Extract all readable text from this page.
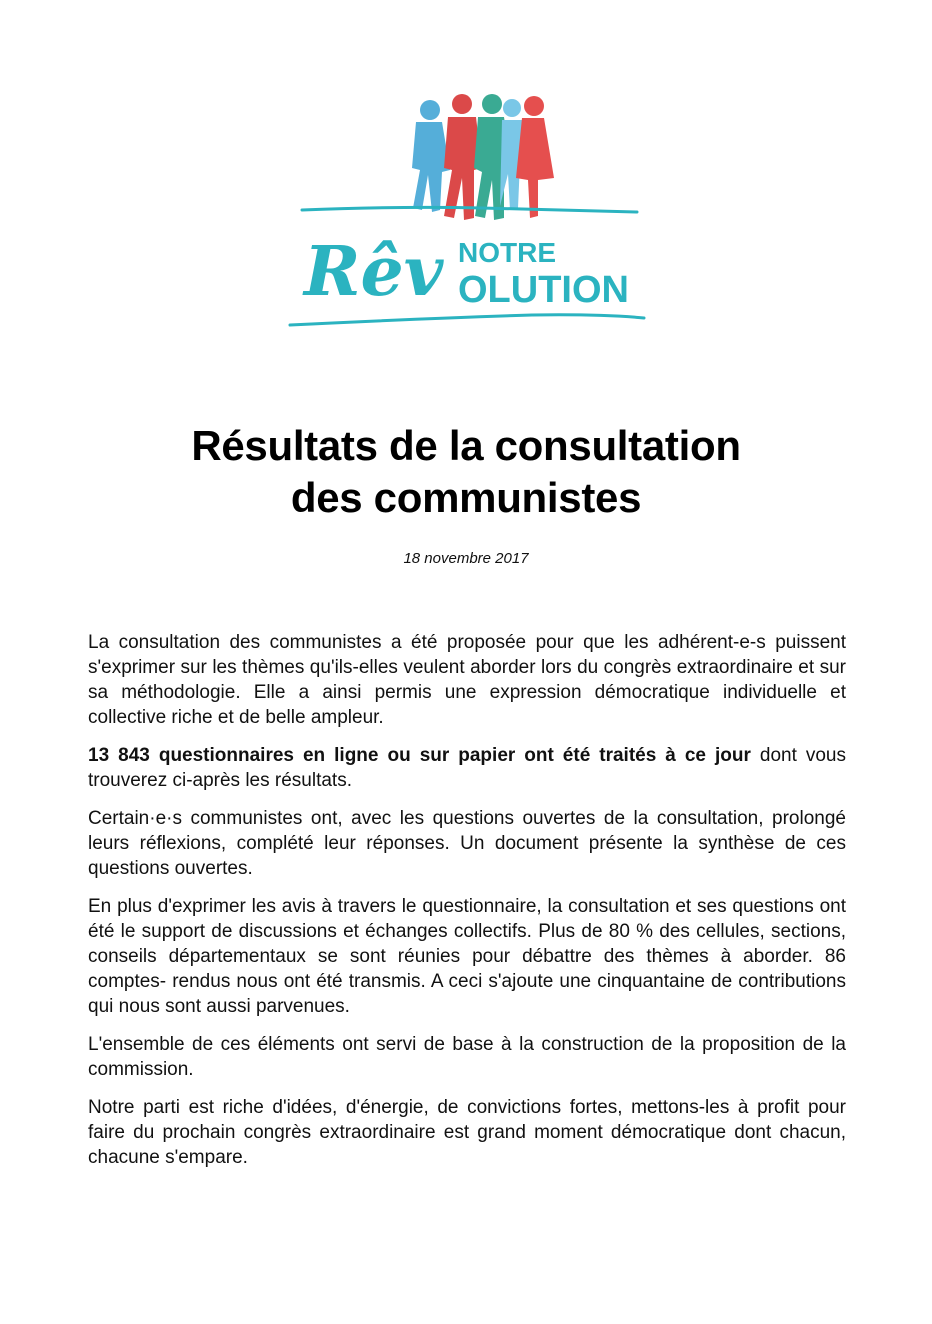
Rêv NOTRE
OLUTION
Résultats de la consultation
des communistes
18 novembre 2017

La consultation des communistes a été proposée pour que les adhérent-e-s puissent s'exprimer sur les thèmes qu'ils-elles veulent aborder lors du congrès extraordinaire et sur sa méthodologie. Elle a ainsi permis une expression démocratique individuelle et collective riche et de belle ampleur.

13 843 questionnaires en ligne ou sur papier ont été traités à ce jour dont vous trouverez ci-après les résultats.

Certain·e·s communistes ont, avec les questions ouvertes de la consultation, prolongé leurs réflexions, complété leur réponses. Un document présente la synthèse de ces questions ouvertes.

En plus d'exprimer les avis à travers le questionnaire, la consultation et ses questions ont été le support de discussions et échanges collectifs. Plus de 80 % des cellules, sections, conseils départementaux se sont réunies pour débattre des thèmes à aborder. 86 comptes- rendus nous ont été transmis. A ceci s'ajoute une cinquantaine de contributions qui nous sont aussi parvenues.

L'ensemble de ces éléments ont servi de base à la construction de la proposition de la commission.

Notre parti est riche d'idées, d'énergie, de convictions fortes, mettons-les à profit pour faire du prochain congrès extraordinaire est grand moment démocratique dont chacun, chacune s'empare.
